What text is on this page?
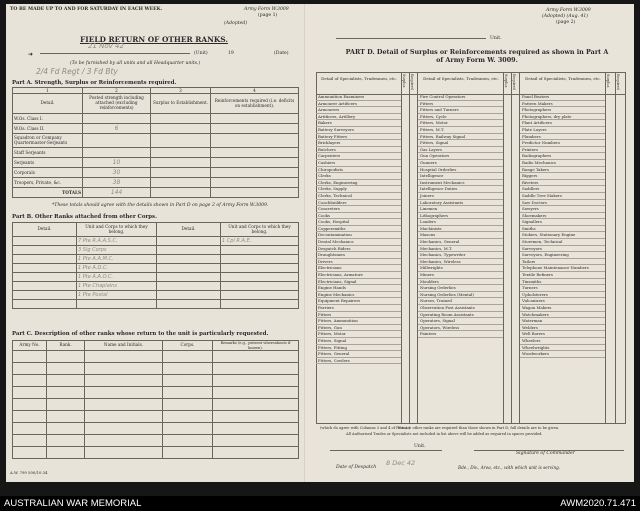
TO BE MADE UP TO AND FOR SATURDAY IN EACH WEEK.	Army Form W.3009
(page 1)
(Adopted)
FIELD RETURN OF OTHER RANKS.
21 Nov 42
(Unit)	19	(Date)
(To be furnished by all units and all Headquarter units.)
2/4 Fd Regt / 3 Fd Bty
➜
Part A. Strength, Surplus or Reinforcements required.
1	2	3	4
Detail.	Posted strength including attached (excluding reinforcements)	Surplus to Establishment.	Reinforcements required (i.e. deficits on establishment).
W.Os. Class I.			
W.Os. Class II.	6		
Squadron or Company Quartermaster-Serjeants			
Staff Serjeants			
Serjeants	10		
Corporals	30		
Troopers, Private, &c.	38		
TOTALS	144		
*These totals should agree with the details shown in Part D on page 2 of Army Form W.3009.
Part B. Other Ranks attached from other Corps.
Detail.	Unit and Corps to which they belong.	Detail.	Unit and Corps to which they belong.
	7 Pte R.A.A.S.C.		1 Cpl R.A.E.
	3 Sig Corps		
	1 Pte A.A.M.C.		
	1 Pte A.D.C.		
	1 Pte A.A.O.C.		
	1 Pte Chaplains		
	1 Pte Postal		

Part C. Description of other ranks whose return to the unit is particularly requested.
Army No.	Rank.	Name and Initials.	Corps.	Remarks (e.g., present whereabouts if known).

A.W. 799 500/10.34
Army Form W.3009
(Adopted) (Aug. 41)
(page 2)
Unit.
PART D. Detail of Surplus or Reinforcements required as shown in Part A of Army Form W. 3009.
Detail of Specialists, Tradesmen, etc.	Surplus Required	Detail of Specialists, Tradesmen, etc.	Surplus Required	Detail of Specialists, Tradesmen, etc.	Surplus Required
Ammunition Examiners
Armourer Artificers
Armourers
Artificers, Artillery
Bakers
Battery Surveyors
Battery Fitters
Bricklayers
Butchers
Carpenters
Cashiers
Chiropodists
Clerks
Clerks, Engineering
Clerks, Supply
Clerks, Technical
Coachbuilders
Concreters
Cooks
Cooks, Hospital
Coppersmiths
Decontamination
Dental Mechanics
Despatch Riders
Draughtsmen
Drivers
Electricians
Electricians, Armature
Electricians, Signal
Engine Hands
Engine Mechanics
Equipment Repairers
Farriers
Fitters
Fitters, Ammunition
Fitters, Gun
Fitters, Motor
Fitters, Signal
Fitters, Fitting
Fitters, General
Fitters, Cowlers
Fire Control Operators
Fitters
Fitters and Turners
Fitters, Cycle
Fitters, Motor
Fitters, M.T.
Fitters, Railway Signal
Fitters, Signal
Gas Layers
Gun Operators
Gunners
Hospital Orderlies
Intelligence
Instrument Mechanics
Intelligence Duties
Joiners
Laboratory Assistants
Linemen
Lithographers
Loaders
Machinists
Masons
Mechanics, General
Mechanics, M.T.
Mechanics, Typewriter
Mechanics, Wireless
Millwrights
Miners
Moulders
Nursing Orderlies
Nursing Orderlies (Mental)
Nurses, Trained
Observation Post Assistants
Operating Room Assistants
Operators, Signal
Operators, Wireless
Painters
Panel Beaters
Pattern Makers
Photographers
Photographers, dry plate
Plant Artificers
Plate Layers
Plumbers
Predictor Numbers
Printers
Radiographers
Radio Mechanics
Range Takers
Riggers
Riveters
Saddlers
Saddle Tree Makers
Saw Doctors
Sawyers
Shoemakers
Signallers
Smiths
Stokers, Stationary Engine
Storemen, Technical
Surveyors
Surveyors, Engineering
Tailors
Telephone Maintenance Numbers
Textile Refiners
Tinsmiths
Turners
Upholsterers
Vulcanizers
Wagon Makers
Watchmakers
Waterman
Welders
Well Borers
Wheelers
Wheelwrights
Woodworkers
(which do agree with Columns 3 and 4 of Part A.)
If more other ranks are required than those shown in Part D, full details are to be given.
All Authorised Trades or Specialists not included in list above will be added as required in spaces provided.
Unit.
Signature of Commander
Date of Despatch
8 Dec 42
Bde., Div., Area, etc., with which unit is serving.
AUSTRALIAN WAR MEMORIAL	AWM2020.71.471
